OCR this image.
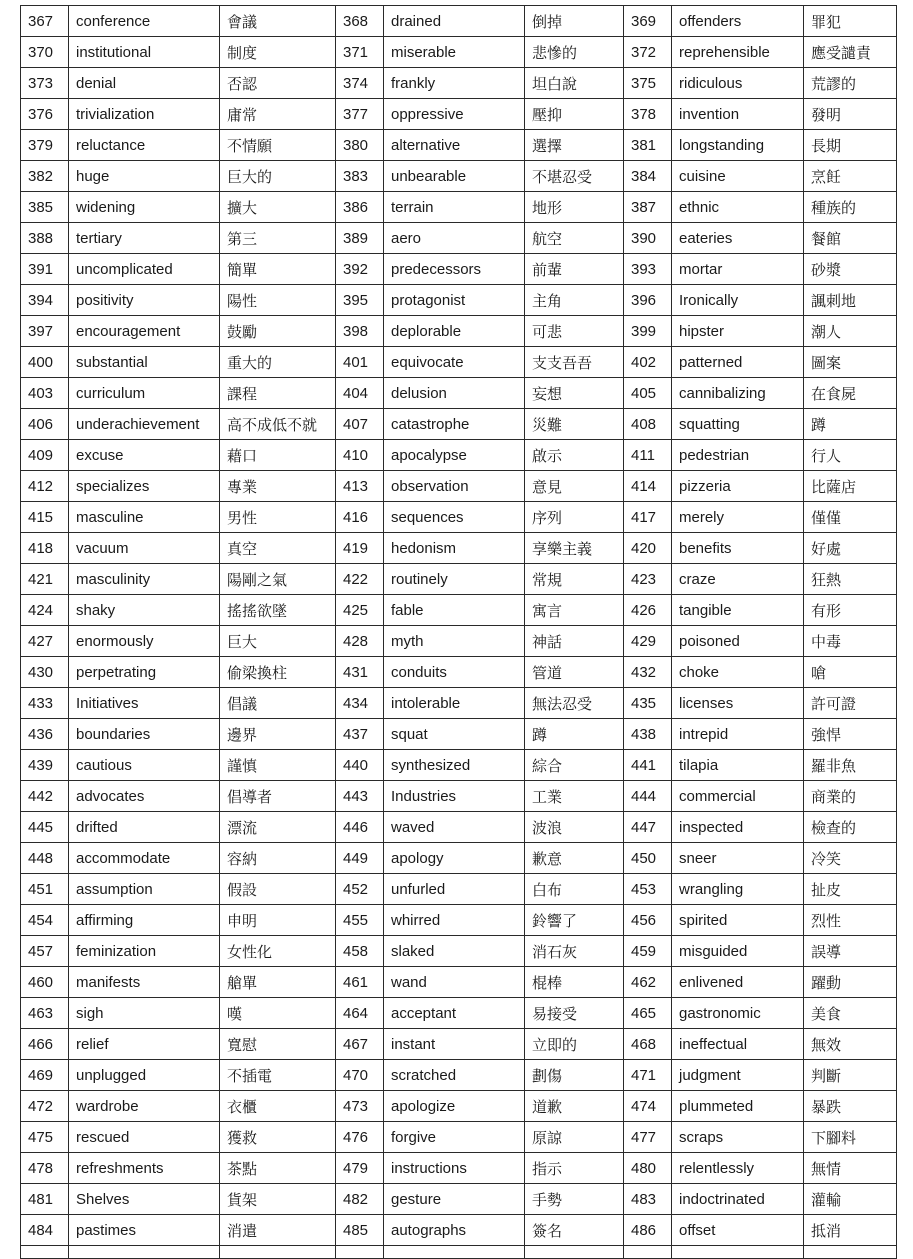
367	conference	會議	368	drained	倒掉	369	offenders	罪犯
370	institutional	制度	371	miserable	悲慘的	372	reprehensible	應受譴責
373	denial	否認	374	frankly	坦白說	375	ridiculous	荒謬的
376	trivialization	庸常	377	oppressive	壓抑	378	invention	發明
379	reluctance	不情願	380	alternative	選擇	381	longstanding	長期
382	huge	巨大的	383	unbearable	不堪忍受	384	cuisine	烹飪
385	widening	擴大	386	terrain	地形	387	ethnic	種族的
388	tertiary	第三	389	aero	航空	390	eateries	餐館
391	uncomplicated	簡單	392	predecessors	前輩	393	mortar	砂漿
394	positivity	陽性	395	protagonist	主角	396	Ironically	諷刺地
397	encouragement	鼓勵	398	deplorable	可悲	399	hipster	潮人
400	substantial	重大的	401	equivocate	支支吾吾	402	patterned	圖案
403	curriculum	課程	404	delusion	妄想	405	cannibalizing	在食屍
406	underachievement	高不成低不就	407	catastrophe	災難	408	squatting	蹲
409	excuse	藉口	410	apocalypse	啟示	411	pedestrian	行人
412	specializes	專業	413	observation	意見	414	pizzeria	比薩店
415	masculine	男性	416	sequences	序列	417	merely	僅僅
418	vacuum	真空	419	hedonism	享樂主義	420	benefits	好處
421	masculinity	陽剛之氣	422	routinely	常規	423	craze	狂熱
424	shaky	搖搖欲墜	425	fable	寓言	426	tangible	有形
427	enormously	巨大	428	myth	神話	429	poisoned	中毒
430	perpetrating	偷梁換柱	431	conduits	管道	432	choke	嗆
433	Initiatives	倡議	434	intolerable	無法忍受	435	licenses	許可證
436	boundaries	邊界	437	squat	蹲	438	intrepid	強悍
439	cautious	謹慎	440	synthesized	綜合	441	tilapia	羅非魚
442	advocates	倡導者	443	Industries	工業	444	commercial	商業的
445	drifted	漂流	446	waved	波浪	447	inspected	檢查的
448	accommodate	容納	449	apology	歉意	450	sneer	冷笑
451	assumption	假設	452	unfurled	白布	453	wrangling	扯皮
454	affirming	申明	455	whirred	鈴響了	456	spirited	烈性
457	feminization	女性化	458	slaked	消石灰	459	misguided	誤導
460	manifests	艙單	461	wand	棍棒	462	enlivened	躍動
463	sigh	嘆	464	acceptant	易接受	465	gastronomic	美食
466	relief	寬慰	467	instant	立即的	468	ineffectual	無效
469	unplugged	不插電	470	scratched	劃傷	471	judgment	判斷
472	wardrobe	衣櫃	473	apologize	道歉	474	plummeted	暴跌
475	rescued	獲救	476	forgive	原諒	477	scraps	下腳料
478	refreshments	茶點	479	instructions	指示	480	relentlessly	無情
481	Shelves	貨架	482	gesture	手勢	483	indoctrinated	灌輸
484	pastimes	消遣	485	autographs	簽名	486	offset	抵消
